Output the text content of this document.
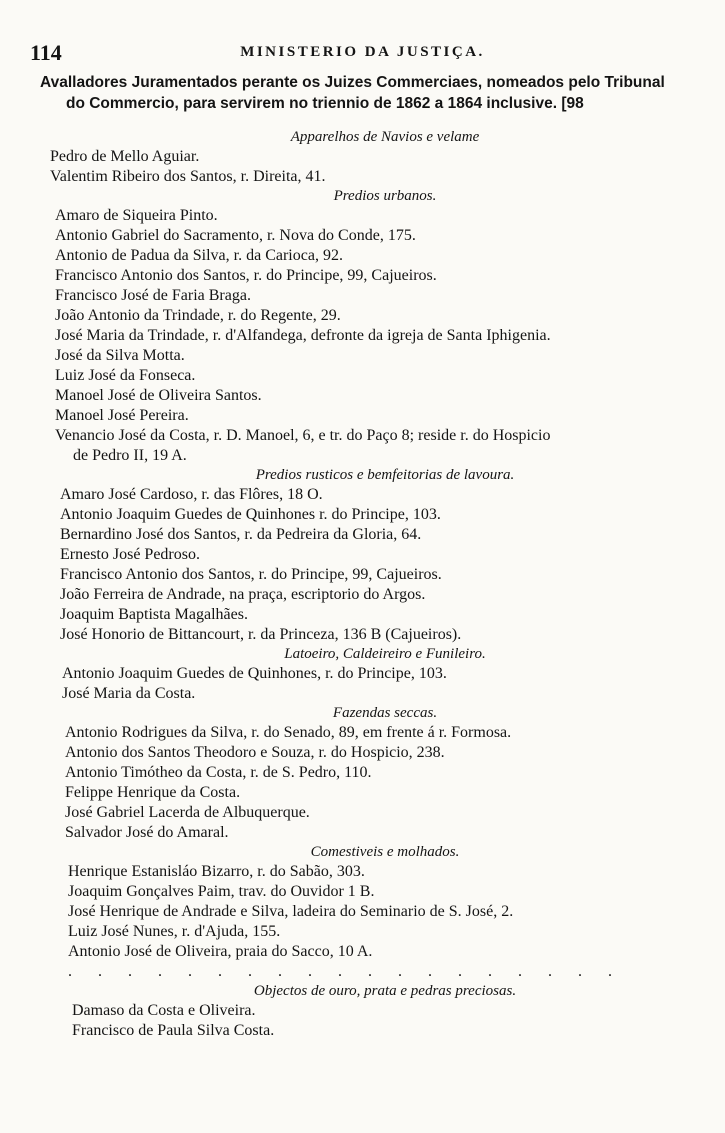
114	MINISTERIO DA JUSTIÇA.
Avalladores Juramentados perante os Juizes Commerciaes, nomeados pelo Tribunal
do Commercio, para servirem no triennio de 1862 a 1864 inclusive. [98
Apparelhos de Navios e velame
Pedro de Mello Aguiar.
Valentim Ribeiro dos Santos, r. Direita, 41.
Predios urbanos.
Amaro de Siqueira Pinto.
Antonio Gabriel do Sacramento, r. Nova do Conde, 175.
Antonio de Padua da Silva, r. da Carioca, 92.
Francisco Antonio dos Santos, r. do Principe, 99, Cajueiros.
Francisco José de Faria Braga.
João Antonio da Trindade, r. do Regente, 29.
José Maria da Trindade, r. d'Alfandega, defronte da igreja de Santa Iphigenia.
José da Silva Motta.
Luiz José da Fonseca.
Manoel José de Oliveira Santos.
Manoel José Pereira.
Venancio José da Costa, r. D. Manoel, 6, e tr. do Paço 8; reside r. do Hospicio
de Pedro II, 19 A.
Predios rusticos e bemfeitorias de lavoura.
Amaro José Cardoso, r. das Flôres, 18 O.
Antonio Joaquim Guedes de Quinhones r. do Principe, 103.
Bernardino José dos Santos, r. da Pedreira da Gloria, 64.
Ernesto José Pedroso.
Francisco Antonio dos Santos, r. do Principe, 99, Cajueiros.
João Ferreira de Andrade, na praça, escriptorio do Argos.
Joaquim Baptista Magalhães.
José Honorio de Bittancourt, r. da Princeza, 136 B (Cajueiros).
Latoeiro, Caldeireiro e Funileiro.
Antonio Joaquim Guedes de Quinhones, r. do Principe, 103.
José Maria da Costa.
Fazendas seccas.
Antonio Rodrigues da Silva, r. do Senado, 89, em frente á r. Formosa.
Antonio dos Santos Theodoro e Souza, r. do Hospicio, 238.
Antonio Timótheo da Costa, r. de S. Pedro, 110.
Felippe Henrique da Costa.
José Gabriel Lacerda de Albuquerque.
Salvador José do Amaral.
Comestiveis e molhados.
Henrique Estanisláo Bizarro, r. do Sabão, 303.
Joaquim Gonçalves Paim, trav. do Ouvidor 1 B.
José Henrique de Andrade e Silva, ladeira do Seminario de S. José, 2.
Luiz José Nunes, r. d'Ajuda, 155.
Antonio José de Oliveira, praia do Sacco, 10 A.
. . . . . . . . . . . . . . . . . . .
Objectos de ouro, prata e pedras preciosas.
Damaso da Costa e Oliveira.
Francisco de Paula Silva Costa.
